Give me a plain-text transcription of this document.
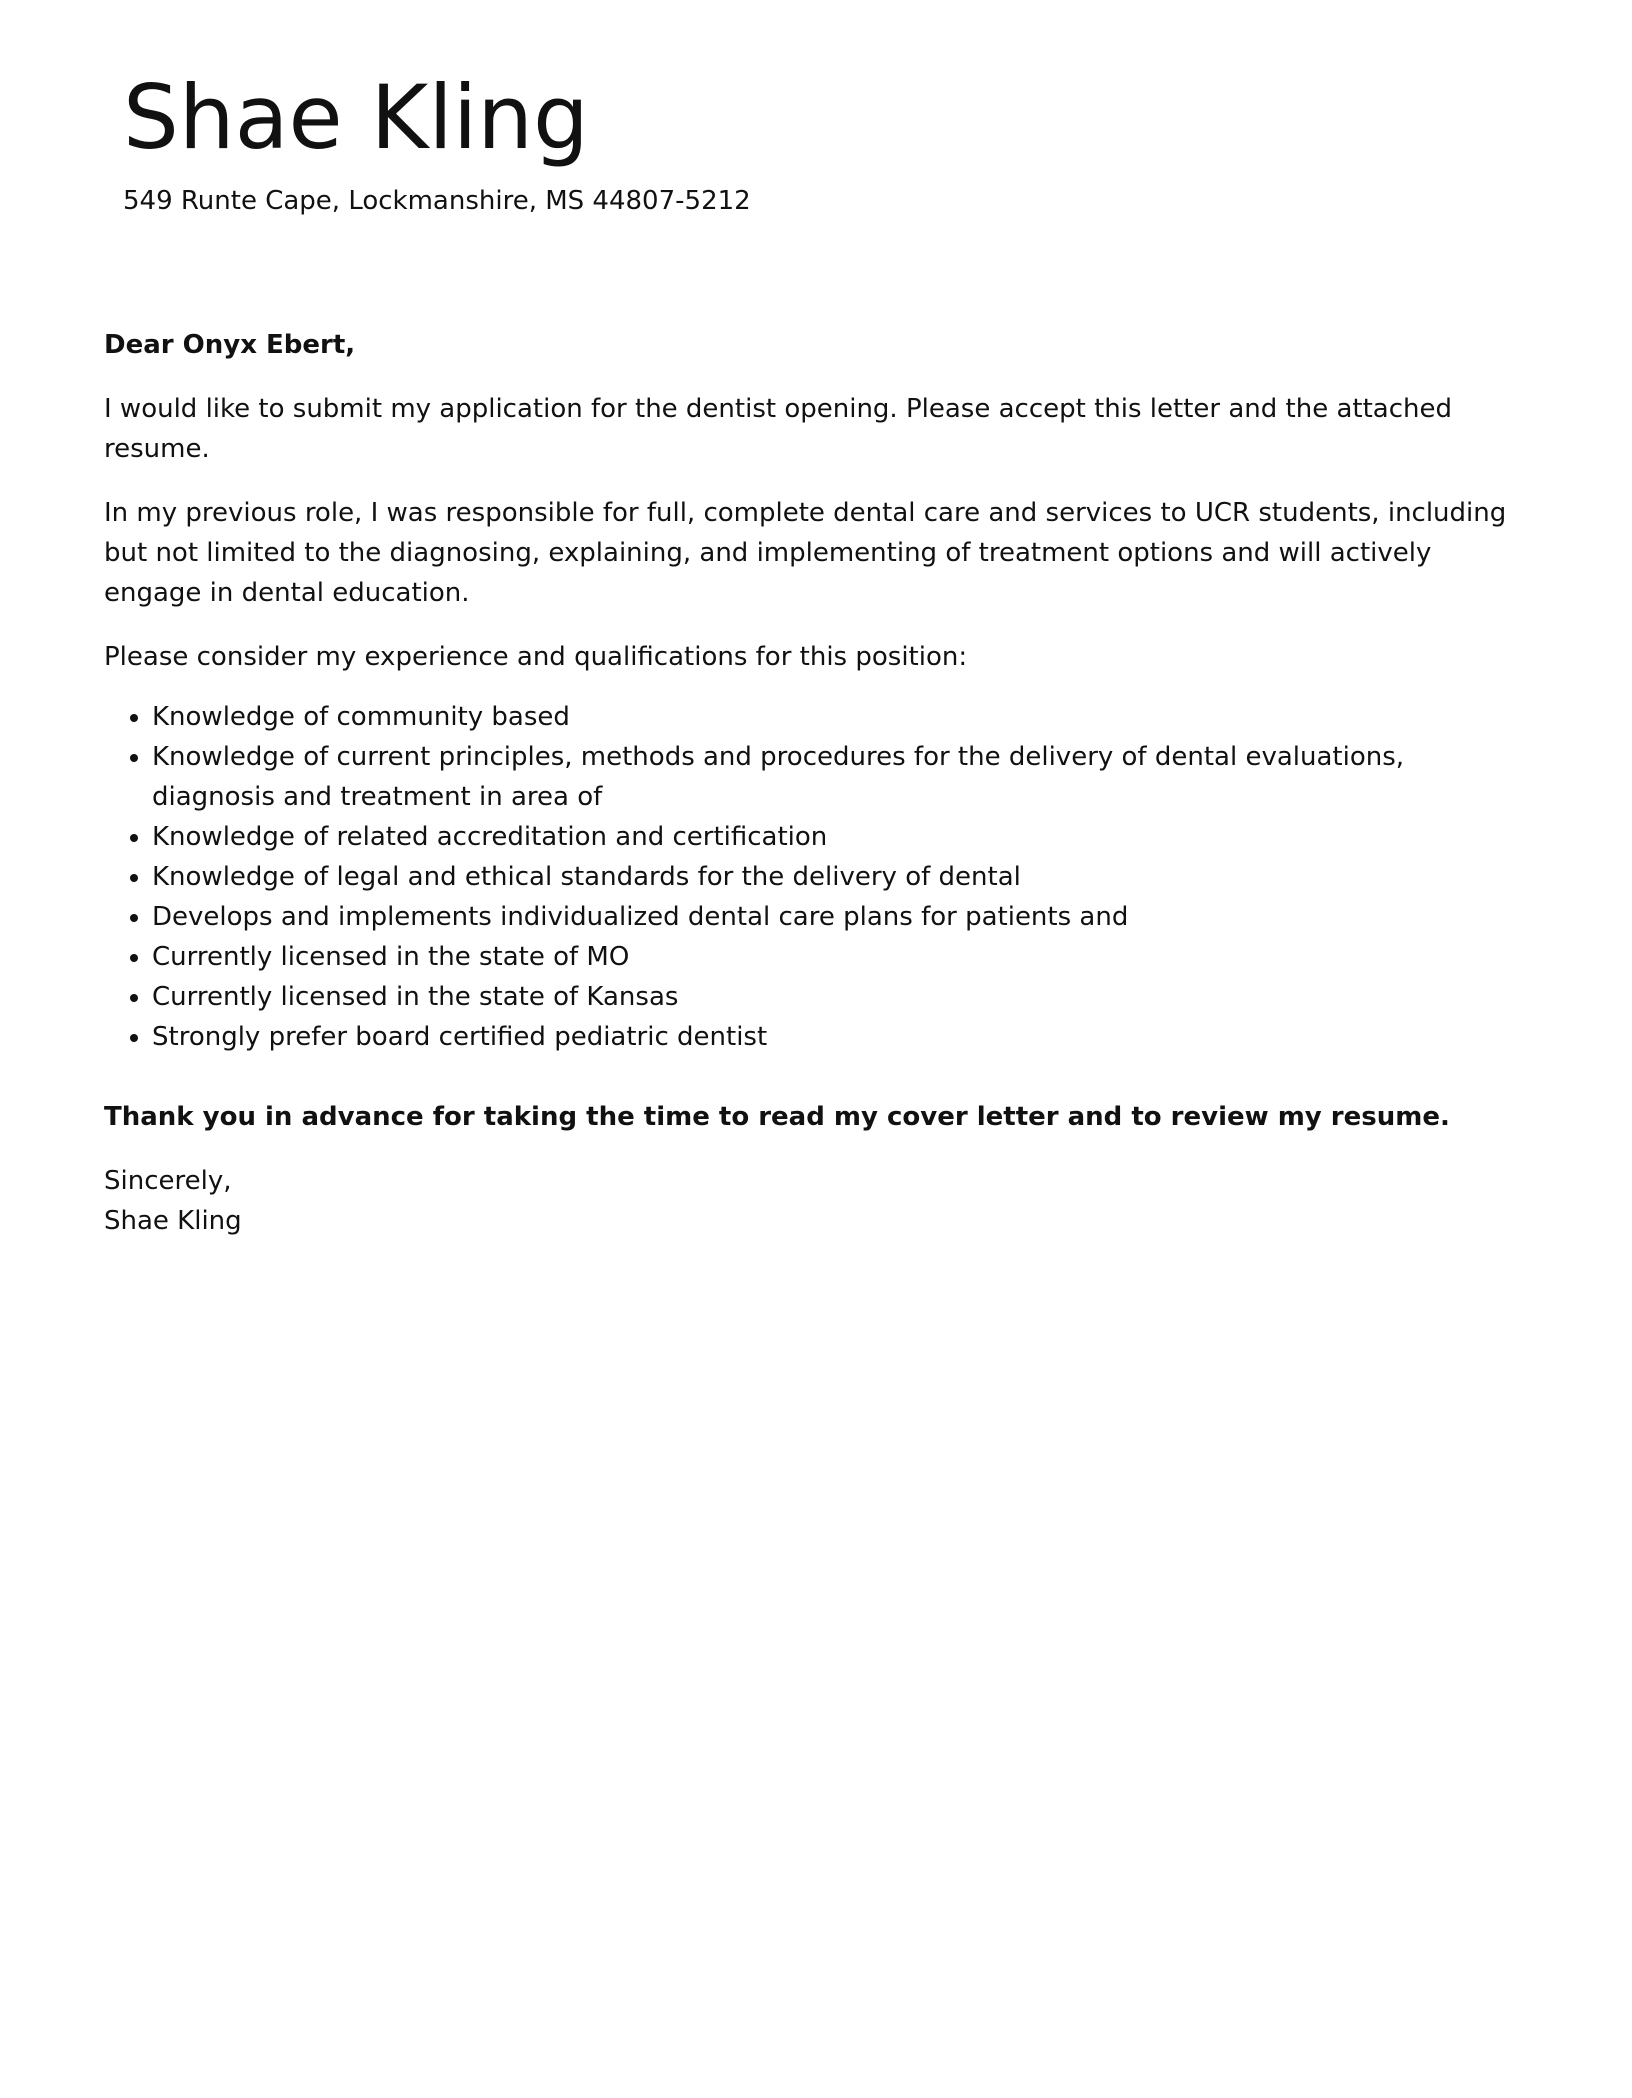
Shae Kling
549 Runte Cape, Lockmanshire, MS 44807-5212

Dear Onyx Ebert,

I would like to submit my application for the dentist opening. Please accept this letter and the attached resume.

In my previous role, I was responsible for full, complete dental care and services to UCR students, including but not limited to the diagnosing, explaining, and implementing of treatment options and will actively engage in dental education.

Please consider my experience and qualifications for this position:

• Knowledge of community based
• Knowledge of current principles, methods and procedures for the delivery of dental evaluations, diagnosis and treatment in area of
• Knowledge of related accreditation and certification
• Knowledge of legal and ethical standards for the delivery of dental
• Develops and implements individualized dental care plans for patients and
• Currently licensed in the state of MO
• Currently licensed in the state of Kansas
• Strongly prefer board certified pediatric dentist

Thank you in advance for taking the time to read my cover letter and to review my resume.

Sincerely,
Shae Kling
